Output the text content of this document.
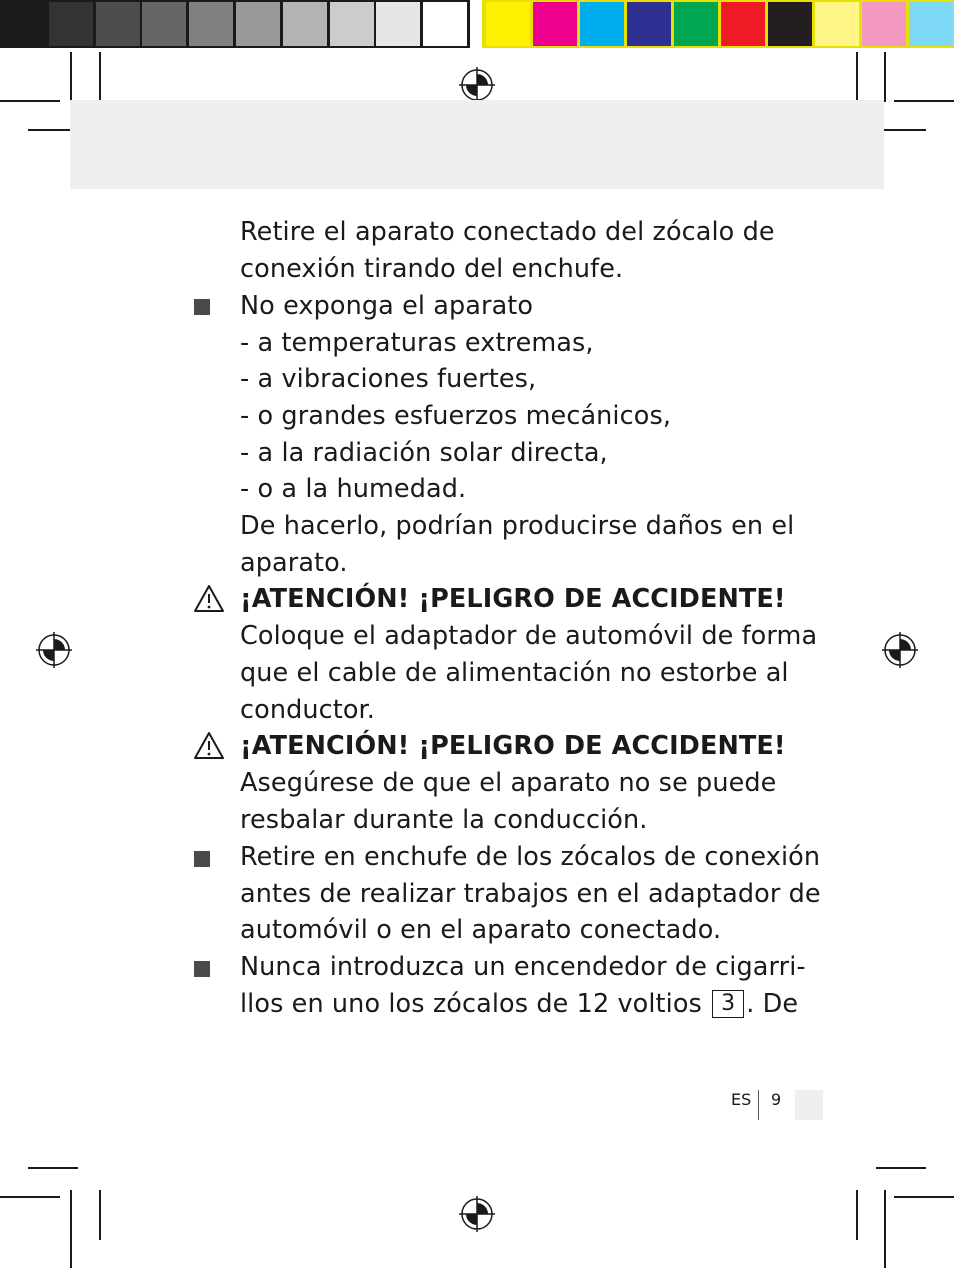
Retire el aparato conectado del zócalo de
conexión tirando del enchufe.
No exponga el aparato
- a temperaturas extremas,
- a vibraciones fuertes,
- o grandes esfuerzos mecánicos,
- a la radiación solar directa,
- o a la humedad.
De hacerlo, podrían producirse daños en el
aparato.
¡ATENCIÓN! ¡PELIGRO DE ACCIDENTE!
Coloque el adaptador de automóvil de forma
que el cable de alimentación no estorbe al
conductor.
¡ATENCIÓN! ¡PELIGRO DE ACCIDENTE!
Asegúrese de que el aparato no se puede
resbalar durante la conducción.
Retire en enchufe de los zócalos de conexión
antes de realizar trabajos en el adaptador de
automóvil o en el aparato conectado.
Nunca introduzca un encendedor de cigarri-
llos en uno los zócalos de 12 voltios 3 . De
ES 9
